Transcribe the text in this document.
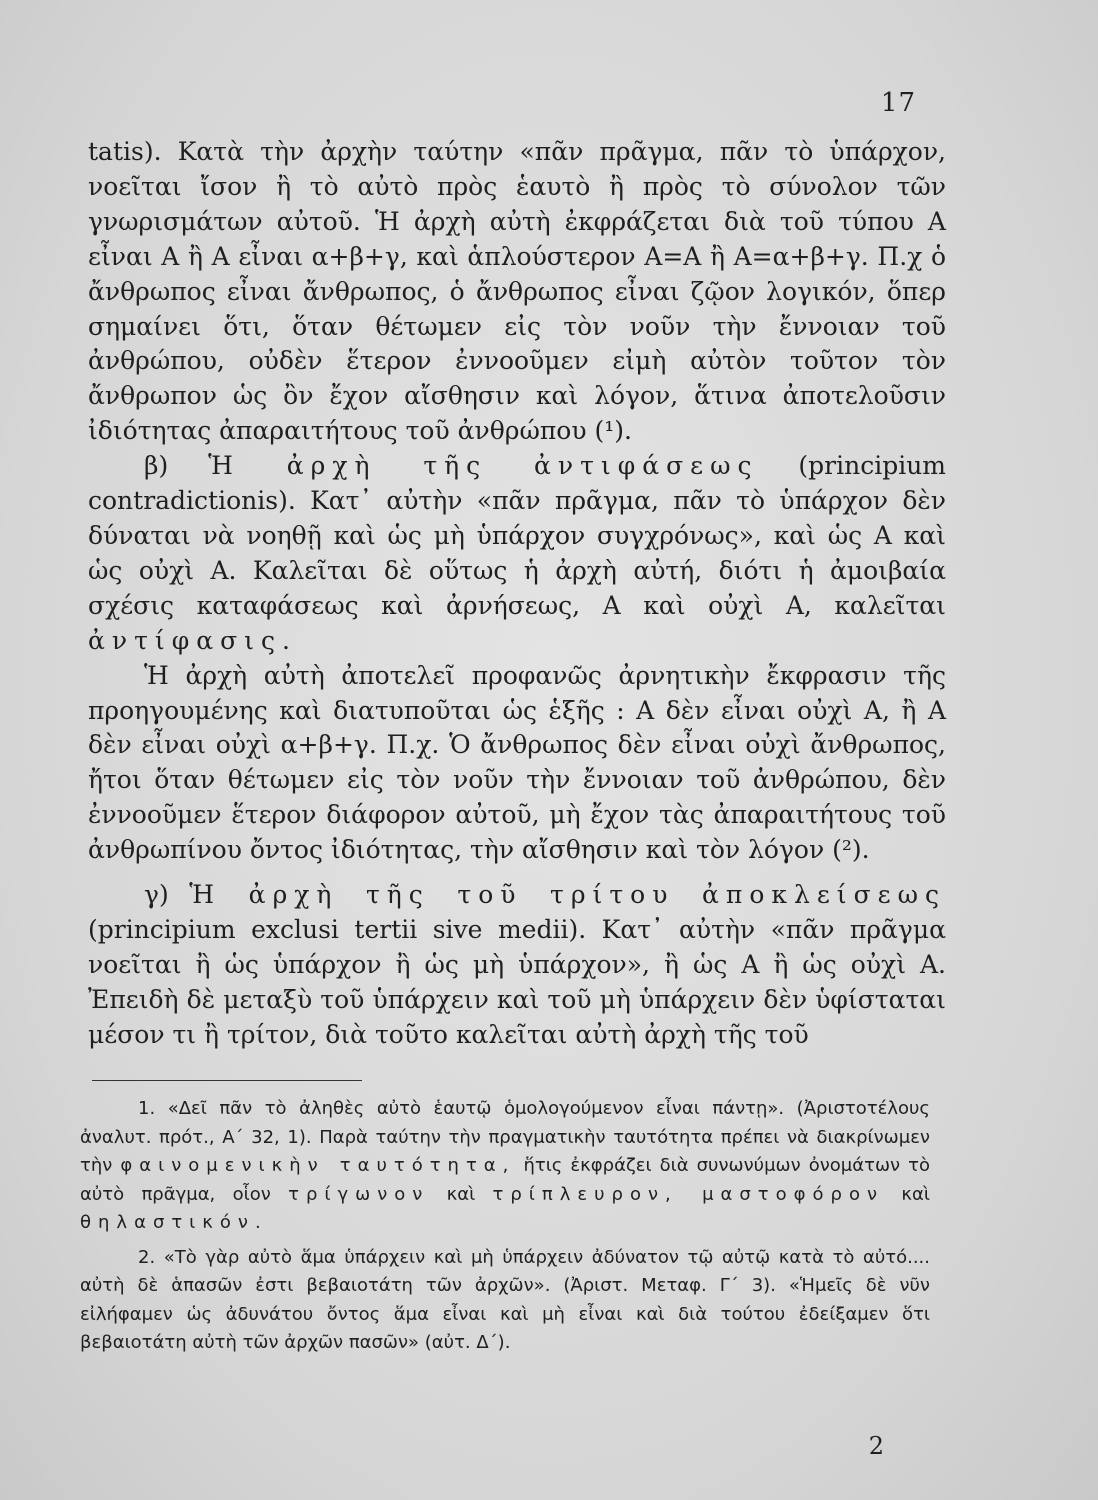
17

tatis). Κατὰ τὴν ἀρχὴν ταύτην «πᾶν πρᾶγμα, πᾶν τὸ ὑπάρχον, νοεῖται ἴσον ἢ τὸ αὐτὸ πρὸς ἑαυτὸ ἢ πρὸς τὸ σύνολον τῶν γνωρισμάτων αὐτοῦ. Ἡ ἀρχὴ αὐτὴ ἐκφράζεται διὰ τοῦ τύπου Α εἶναι Α ἢ Α εἶναι α+β+γ, καὶ ἁπλούστερον Α=Α ἢ Α=α+β+γ. Π.χ ὁ ἄνθρωπος εἶναι ἄνθρωπος, ὁ ἄνθρωπος εἶναι ζῷον λογικόν, ὅπερ σημαίνει ὅτι, ὅταν θέτωμεν εἰς τὸν νοῦν τὴν ἔννοιαν τοῦ ἀνθρώπου, οὐδὲν ἕτερον ἐννοοῦμεν εἰμὴ αὐτὸν τοῦτον τὸν ἄνθρωπον ὡς ὂν ἔχον αἴσθησιν καὶ λόγον, ἅτινα ἀποτελοῦσιν ἰδιότητας ἀπαραιτήτους τοῦ ἀνθρώπου (¹).

β) Ἡ ἀρχὴ τῆς ἀντιφάσεως (principium contradictionis). Κατ᾽ αὐτὴν «πᾶν πρᾶγμα, πᾶν τὸ ὑπάρχον δὲν δύναται νὰ νοηθῇ καὶ ὡς μὴ ὑπάρχον συγχρόνως», καὶ ὡς Α καὶ ὡς οὐχὶ Α. Καλεῖται δὲ οὕτως ἡ ἀρχὴ αὐτή, διότι ἡ ἀμοιβαία σχέσις καταφάσεως καὶ ἀρνήσεως, Α καὶ οὐχὶ Α, καλεῖται ἀντίφασις.

Ἡ ἀρχὴ αὐτὴ ἀποτελεῖ προφανῶς ἀρνητικὴν ἔκφρασιν τῆς προηγουμένης καὶ διατυποῦται ὡς ἑξῆς : Α δὲν εἶναι οὐχὶ Α, ἢ Α δὲν εἶναι οὐχὶ α+β+γ. Π.χ. Ὁ ἄνθρωπος δὲν εἶναι οὐχὶ ἄνθρωπος, ἤτοι ὅταν θέτωμεν εἰς τὸν νοῦν τὴν ἔννοιαν τοῦ ἀνθρώπου, δὲν ἐννοοῦμεν ἕτερον διάφορον αὐτοῦ, μὴ ἔχον τὰς ἀπαραιτήτους τοῦ ἀνθρωπίνου ὄντος ἰδιότητας, τὴν αἴσθησιν καὶ τὸν λόγον (²).

γ) Ἡ ἀρχὴ τῆς τοῦ τρίτου ἀποκλείσεως (principium exclusi tertii sive medii). Κατ᾽ αὐτὴν «πᾶν πρᾶγμα νοεῖται ἢ ὡς ὑπάρχον ἢ ὡς μὴ ὑπάρχον», ἢ ὡς Α ἢ ὡς οὐχὶ Α. Ἐπειδὴ δὲ μεταξὺ τοῦ ὑπάρχειν καὶ τοῦ μὴ ὑπάρχειν δὲν ὑφίσταται μέσον τι ἢ τρίτον, διὰ τοῦτο καλεῖται αὐτὴ ἀρχὴ τῆς τοῦ

1. «Δεῖ πᾶν τὸ ἀληθὲς αὐτὸ ἑαυτῷ ὁμολογούμενον εἶναι πάντῃ». (Ἀριστοτέλους ἀναλυτ. πρότ., Α΄ 32, 1). Παρὰ ταύτην τὴν πραγματικὴν ταυτότητα πρέπει νὰ διακρίνωμεν τὴν φαινομενικὴν ταυτότητα, ἥτις ἐκφράζει διὰ συνωνύμων ὀνομάτων τὸ αὐτὸ πρᾶγμα, οἷον τρίγωνον καὶ τρίπλευρον, μαστοφόρον καὶ θηλαστικόν.

2. «Τὸ γὰρ αὐτὸ ἅμα ὑπάρχειν καὶ μὴ ὑπάρχειν ἀδύνατον τῷ αὐτῷ κατὰ τὸ αὐτό.... αὐτὴ δὲ ἁπασῶν ἐστι βεβαιοτάτη τῶν ἀρχῶν». (Ἀριστ. Μεταφ. Γ΄ 3). «Ἡμεῖς δὲ νῦν εἰλήφαμεν ὡς ἀδυνάτου ὄντος ἅμα εἶναι καὶ μὴ εἶναι καὶ διὰ τούτου ἐδείξαμεν ὅτι βεβαιοτάτη αὐτὴ τῶν ἀρχῶν πασῶν» (αὐτ. Δ΄).

2
